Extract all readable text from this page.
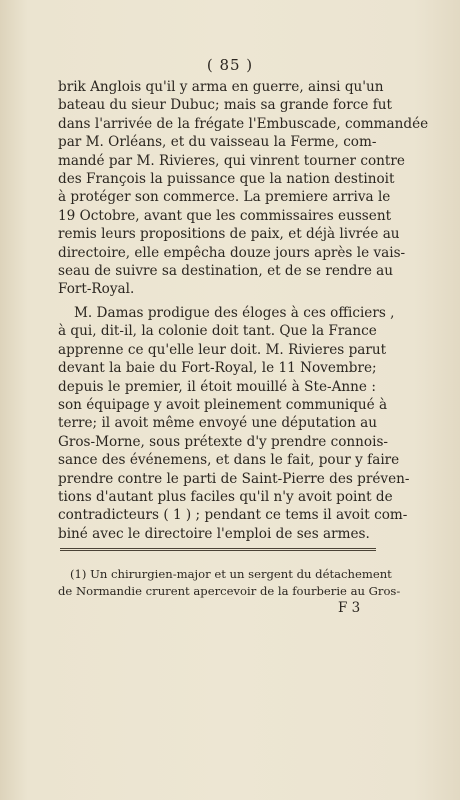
( 85 )
brik Anglois qu'il y arma en guerre, ainsi qu'un
bateau du sieur Dubuc; mais sa grande force fut
dans l'arrivée de la frégate l'Embuscade, commandée
par M. Orléans, et du vaisseau la Ferme, com-
mandé par M. Rivieres, qui vinrent tourner contre
des François la puissance que la nation destinoit
à protéger son commerce. La premiere arriva le
19 Octobre, avant que les commissaires eussent
remis leurs propositions de paix, et déjà livrée au
directoire, elle empêcha douze jours après le vais-
seau de suivre sa destination, et de se rendre au
Fort-Royal.
M. Damas prodigue des éloges à ces officiers ,
à qui, dit-il, la colonie doit tant. Que la France
apprenne ce qu'elle leur doit. M. Rivieres parut
devant la baie du Fort-Royal, le 11 Novembre;
depuis le premier, il étoit mouillé à Ste-Anne :
son équipage y avoit pleinement communiqué à
terre; il avoit même envoyé une députation au
Gros-Morne, sous prétexte d'y prendre connois-
sance des événemens, et dans le fait, pour y faire
prendre contre le parti de Saint-Pierre des préven-
tions d'autant plus faciles qu'il n'y avoit point de
contradicteurs ( 1 ) ; pendant ce tems il avoit com-
biné avec le directoire l'emploi de ses armes.
(1) Un chirurgien-major et un sergent du détachement
de Normandie crurent apercevoir de la fourberie au Gros-
F 3
